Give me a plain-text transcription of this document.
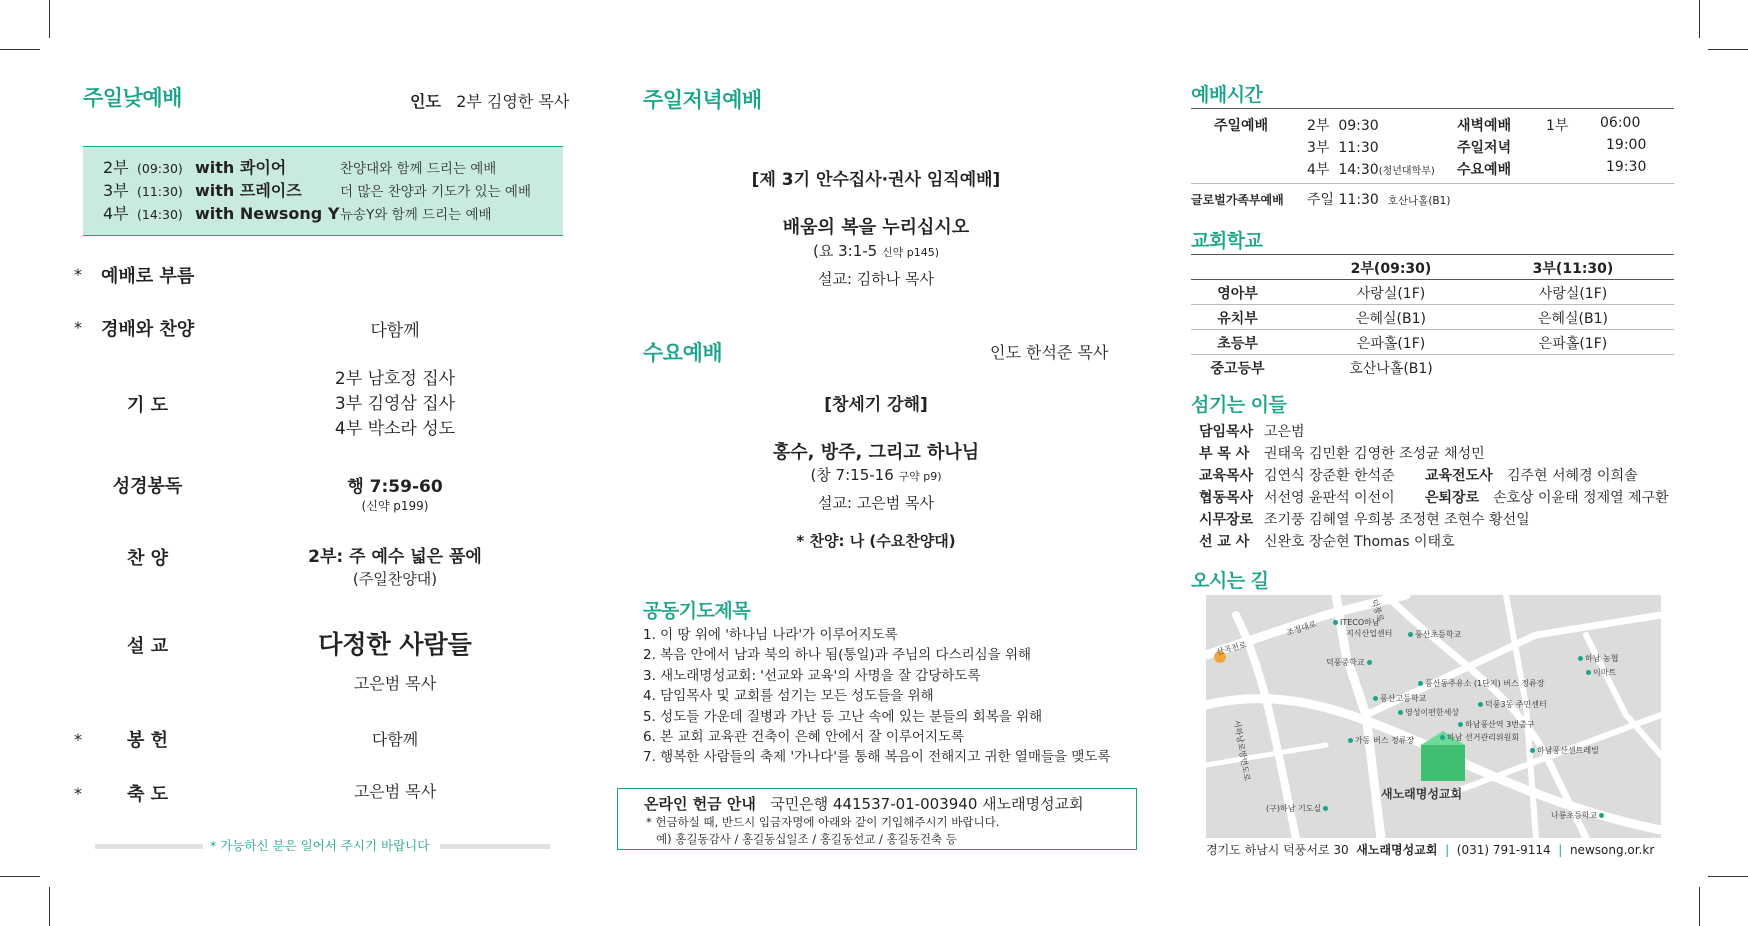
주일낮예배	인도 2부 김영한 목사
2부 (09:30) with 콰이어	찬양대와 함께 드리는 예배
3부 (11:30) with 프레이즈	더 많은 찬양과 기도가 있는 예배
4부 (14:30) with Newsong Y뉴송Y와 함께 드리는 예배
* 예배로 부름
* 경배와 찬양	다함께
기 도
2부 남호정 집사
3부 김영삼 집사
4부 박소라 성도
성경봉독	행 7:59-60
(신약 p199)
찬 양	2부: 주 예수 넓은 품에
(주일찬양대)
설 교	다정한 사람들
고은범 목사
*	봉 헌	다함께
*	축 도	고은범 목사
* 가능하신 분은 일어서 주시기 바랍니다
주일저녁예배
[제 3기 안수집사·권사 임직예배]
배움의 복을 누리십시오
(요 3:1-5 신약 p145)
설교: 김하나 목사
수요예배	인도 한석준 목사
[창세기 강해]
홍수, 방주, 그리고 하나님
(창 7:15-16 구약 p9)
설교: 고은범 목사
* 찬양: 나 (수요찬양대)
공동기도제목
1. 이 땅 위에 '하나님 나라'가 이루어지도록
2. 복음 안에서 남과 북의 하나 됨(통일)과 주님의 다스리심을 위해
3. 새노래명성교회: '선교와 교육'의 사명을 잘 감당하도록
4. 담임목사 및 교회를 섬기는 모든 성도들을 위해
5. 성도들 가운데 질병과 가난 등 고난 속에 있는 분들의 회복을 위해
6. 본 교회 교육관 건축이 은혜 안에서 잘 이루어지도록
7. 행복한 사람들의 축제 '가나다'를 통해 복음이 전해지고 귀한 열매들을 맺도록
온라인 헌금 안내 국민은행 441537-01-003940 새노래명성교회
* 헌금하실 때, 반드시 입금자명에 아래와 같이 기입해주시기 바랍니다.
예) 홍길동감사 / 홍길동십일조 / 홍길동선교 / 홍길동건축 등
예배시간
주일예배	2부 09:30
3부 11:30
4부 14:30(청년대학부)
새벽예배 1부 06:00
주일저녁	19:00
수요예배	19:30
글로벌가족부예배 주일 11:30 호산나홀(B1)
교회학교
2부(09:30)	3부(11:30)
영아부	사랑실(1F)	사랑실(1F)
유치부	은혜실(B1)	은혜실(B1)
초등부	은파홀(1F)	은파홀(1F)
중고등부	호산나홀(B1)
섬기는 이들
담임목사 고은범
부 목 사 권태욱 김민환 김영한 조성균 채성민
교육목사 김연식 장준환 한석준 교육전도사 김주현 서혜경 이희솔
협동목사 서선영 윤판석 이선이 은퇴장로 손호상 이윤태 정제열 제구환
시무장로 조기풍 김혜열 우희봉 조정현 조현수 황선일
선 교 사 신완호 장순현 Thomas 이태호
오시는 길
ITECO하남
지식산업센터	풍산초등학교
덕풍중학교	하남 농협
이마트
풍산동주유소 (1단지) 버스 정류장
풍산고등학교
덕풍3동 주민센터
영성이편한세상
하남풍산역 3번출구
하남 선거관리위원회
가동 버스 정류장
하남풍산센트레빌
새노래명성교회
(구)하남 기도실
나룡초등학교
조정대로
덕풍로
서하남로방면도로
산곡천로
경기도 하남시 덕풍서로 30 새노래명성교회 | (031) 791-9114 | newsong.or.kr
